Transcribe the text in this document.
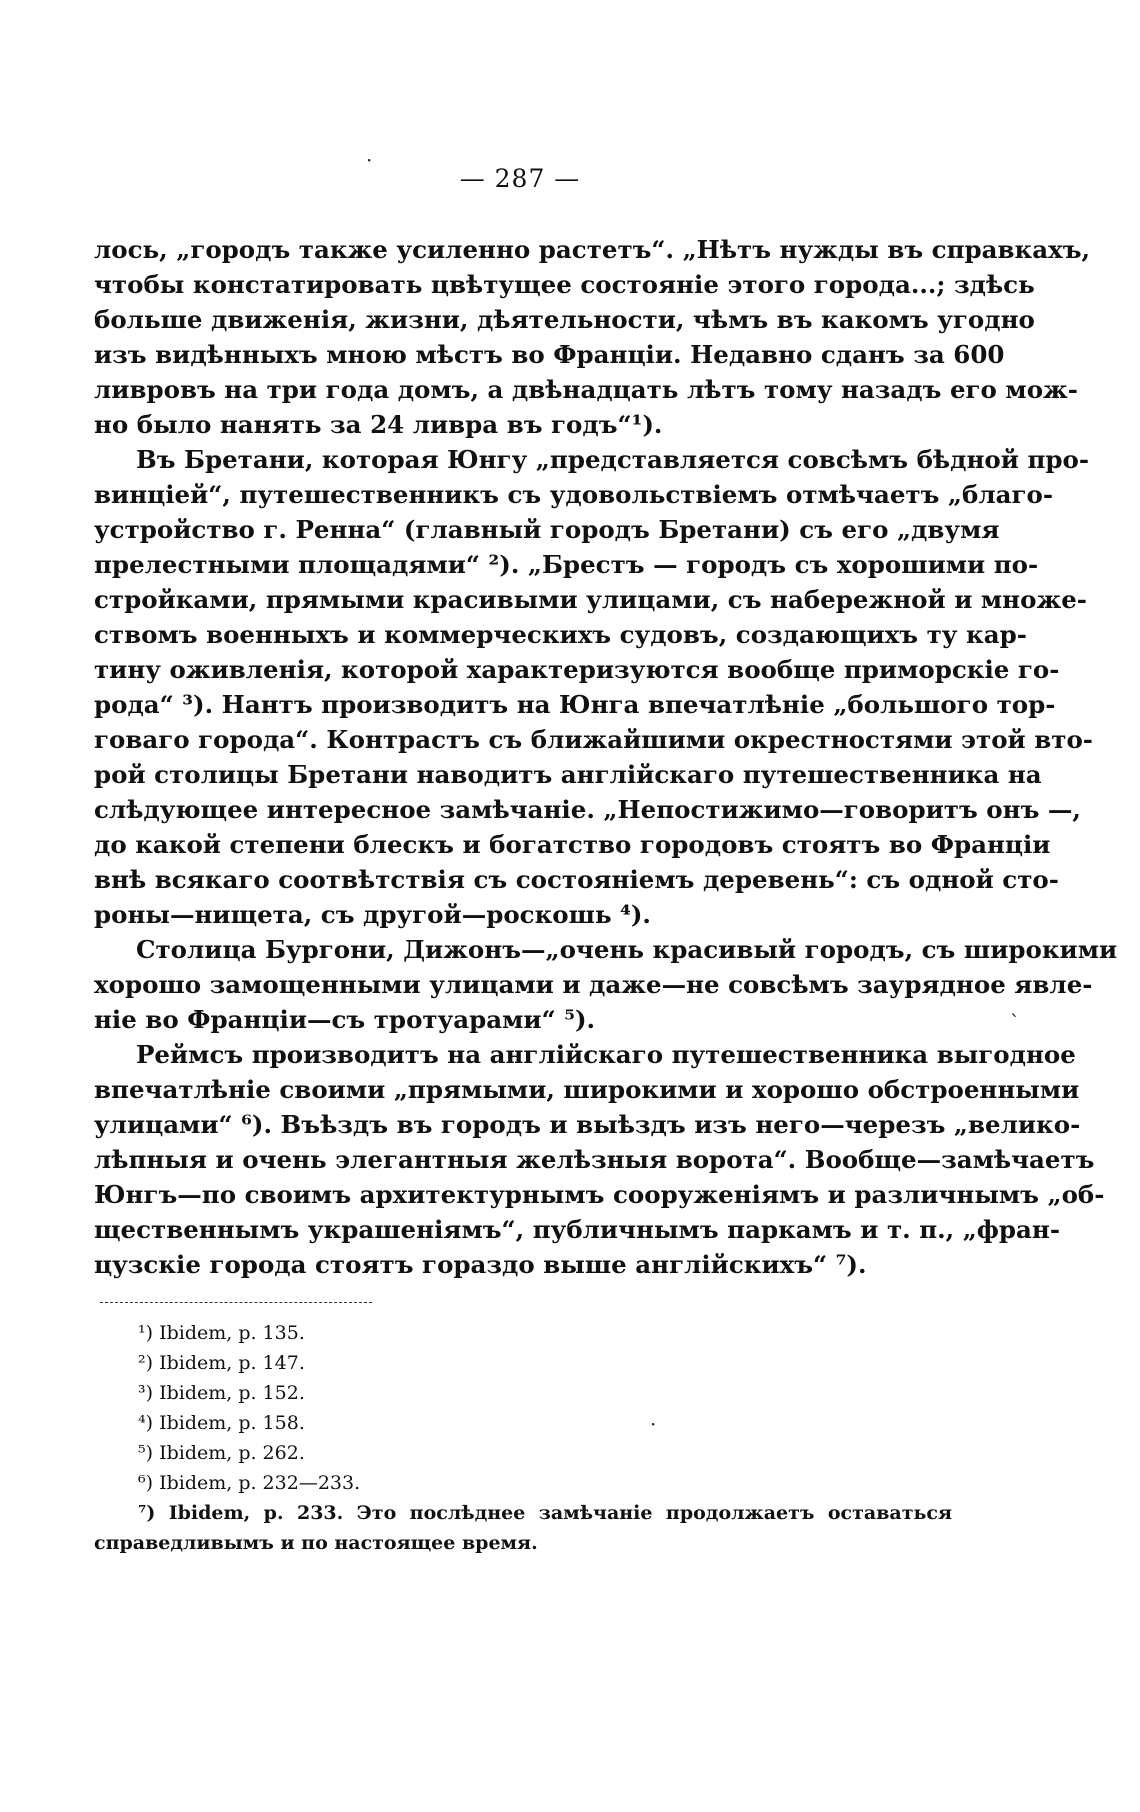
·
ˋ
·
— 287 —
лось, „городъ также усиленно растетъ“. „Нѣтъ нужды въ справкахъ,
чтобы констатировать цвѣтущее состояніе этого города...; здѣсь
больше движенія, жизни, дѣятельности, чѣмъ въ какомъ угодно
изъ видѣнныхъ мною мѣстъ во Франціи. Недавно сданъ за 600
ливровъ на три года домъ, а двѣнадцать лѣтъ тому назадъ его мож-
но было нанять за 24 ливра въ годъ“¹).
Въ Бретани, которая Юнгу „представляется совсѣмъ бѣдной про-
винціей“, путешественникъ съ удовольствіемъ отмѣчаетъ „благо-
устройство г. Ренна“ (главный городъ Бретани) съ его „двумя
прелестными площадями“ ²). „Брестъ — городъ съ хорошими по-
стройками, прямыми красивыми улицами, съ набережной и множе-
ствомъ военныхъ и коммерческихъ судовъ, создающихъ ту кар-
тину оживленія, которой характеризуются вообще приморскіе го-
рода“ ³). Нантъ производитъ на Юнга впечатлѣніе „большого тор-
говаго города“. Контрастъ съ ближайшими окрестностями этой вто-
рой столицы Бретани наводитъ англійскаго путешественника на
слѣдующее интересное замѣчаніе. „Непостижимо—говоритъ онъ —,
до какой степени блескъ и богатство городовъ стоятъ во Франціи
внѣ всякаго соотвѣтствія съ состояніемъ деревень“: съ одной сто-
роны—нищета, съ другой—роскошь ⁴).
Столица Бургони, Дижонъ—„очень красивый городъ, съ широкими
хорошо замощенными улицами и даже—не совсѣмъ заурядное явле-
ніе во Франціи—съ тротуарами“ ⁵).
Реймсъ производитъ на англійскаго путешественника выгодное
впечатлѣніе своими „прямыми, широкими и хорошо обстроенными
улицами“ ⁶). Въѣздъ въ городъ и выѣздъ изъ него—черезъ „велико-
лѣпныя и очень элегантныя желѣзныя ворота“. Вообще—замѣчаетъ
Юнгъ—по своимъ архитектурнымъ сооруженіямъ и различнымъ „об-
щественнымъ украшеніямъ“, публичнымъ паркамъ и т. п., „фран-
цузскіе города стоятъ гораздо выше англійскихъ“ ⁷).
¹) Ibidem, p. 135.
²) Ibidem, p. 147.
³) Ibidem, p. 152.
⁴) Ibidem, p. 158.
⁵) Ibidem, p. 262.
⁶) Ibidem, p. 232—233.
⁷) Ibidem, p. 233. Это послѣднее замѣчаніе продолжаетъ оставаться
справедливымъ и по настоящее время.
